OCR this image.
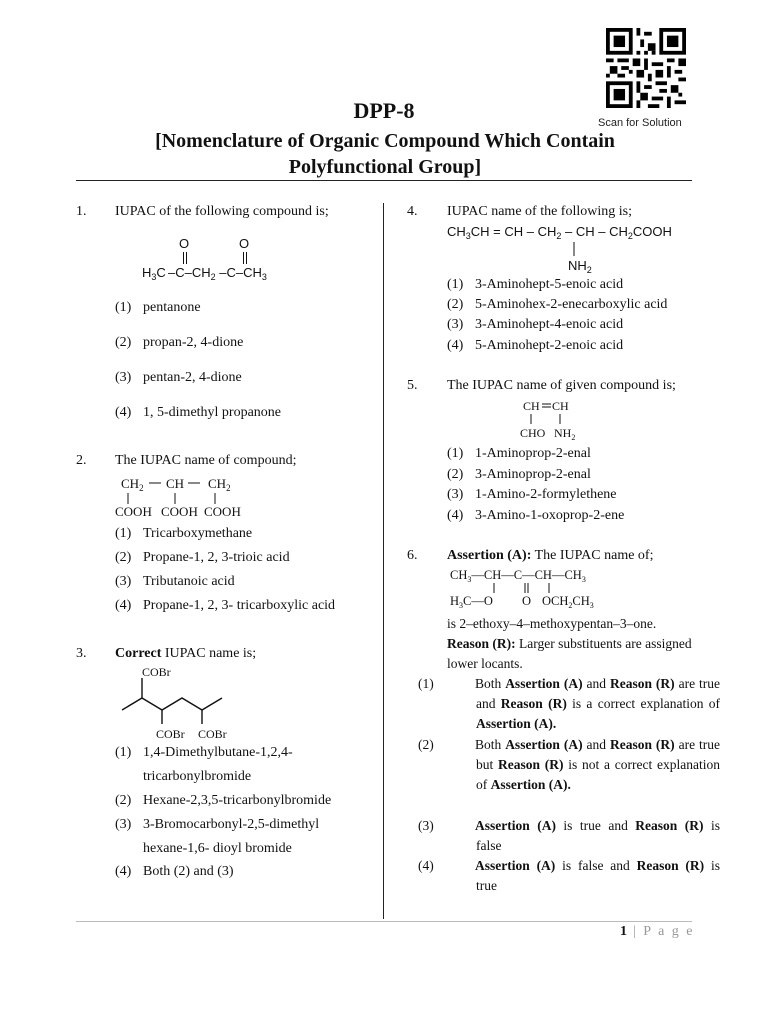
Scan for Solution
DPP-8
[Nomenclature of Organic Compound Which Contain
Polyfunctional Group]
1. IUPAC of the following compound is;
O	O
$H_3C$ $-C-CH_2$ $-C-CH_3$
(1) pentanone
(2) propan-2, 4-dione
(3) pentan-2, 4-dione
(4) 1, 5-dimethyl propanone
2. The IUPAC name of compound;
$CH_2$ CH $CH_2$
COOH COOH COOH
(1) Tricarboxymethane
(2) Propane-1, 2, 3-trioic acid
(3) Tributanoic acid
(4) Propane-1, 2, 3- tricarboxylic acid
3. Correct IUPAC name is;
COBr
COBr COBr
(1) 1,4-Dimethylbutane-1,2,4-
tricarbonylbromide
(2) Hexane-2,3,5-tricarbonylbromide
(3) 3-Bromocarbonyl-2,5-dimethyl
hexane-1,6- dioyl bromide
(4) Both (2) and (3)
4. IUPAC name of the following is;
$CH_3CH$ = CH – $CH_2$ – CH – $CH_2COOH$
$NH_2$
(1) 3-Aminohept-5-enoic acid
(2) 5-Aminohex-2-enecarboxylic acid
(3) 3-Aminohept-4-enoic acid
(4) 5-Aminohept-2-enoic acid
5. The IUPAC name of given compound is;
CH CH
CHO $NH_2$
(1) 1-Aminoprop-2-enal
(2) 3-Aminoprop-2-enal
(3) 1-Amino-2-formylethene
(4) 3-Amino-1-oxoprop-2-ene
6. Assertion (A): The IUPAC name of;
$CH_3—CH—C—CH—CH_3$
$H_3C—O$ O $OCH_2CH_3$
is 2–ethoxy–4–methoxypentan–3–one.
Reason (R): Larger substituents are assigned lower locants.
(1)	Both Assertion (A) and Reason (R) are true and Reason (R) is a correct explanation of Assertion (A).
(2)	Both Assertion (A) and Reason (R) are true but Reason (R) is not a correct explanation of Assertion (A).
(3)	Assertion (A) is true and Reason (R) is false
(4)	Assertion (A) is false and Reason (R) is true
1 | P a g e
